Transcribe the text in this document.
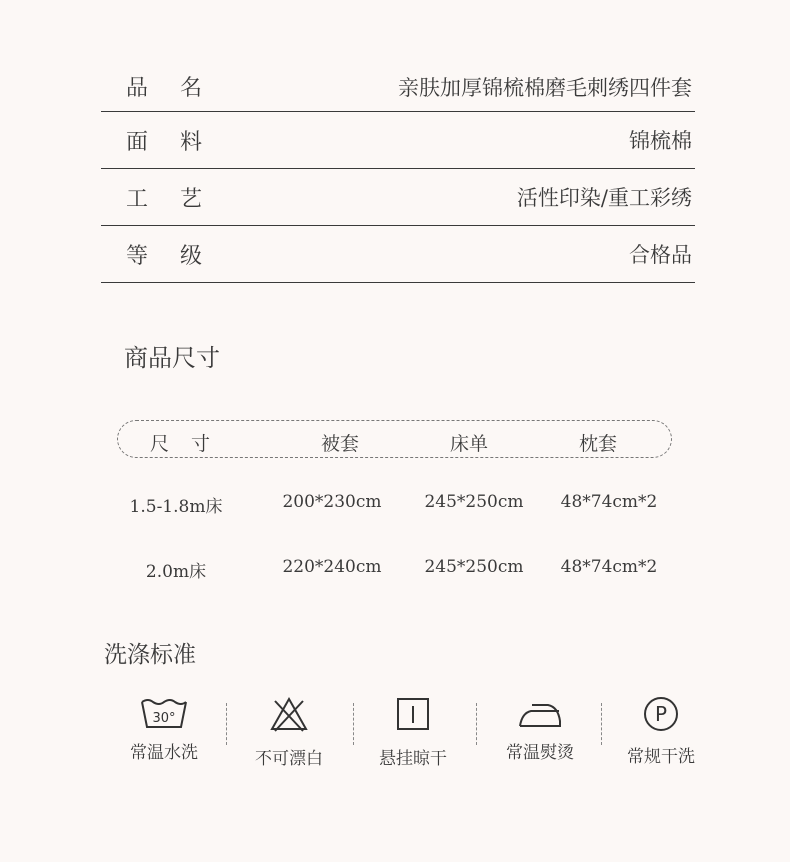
品 名	亲肤加厚锦梳棉磨毛刺绣四件套
面 料	锦梳棉
工 艺	活性印染/重工彩绣
等 级	合格品
商品尺寸
尺 寸	被套	床单	枕套
1.5-1.8m床	200*230cm	245*250cm	48*74cm*2
2.0m床	220*240cm	245*250cm	48*74cm*2
洗涤标准
30°
常温水洗	不可漂白	悬挂晾干	常温熨烫
P
常规干洗
